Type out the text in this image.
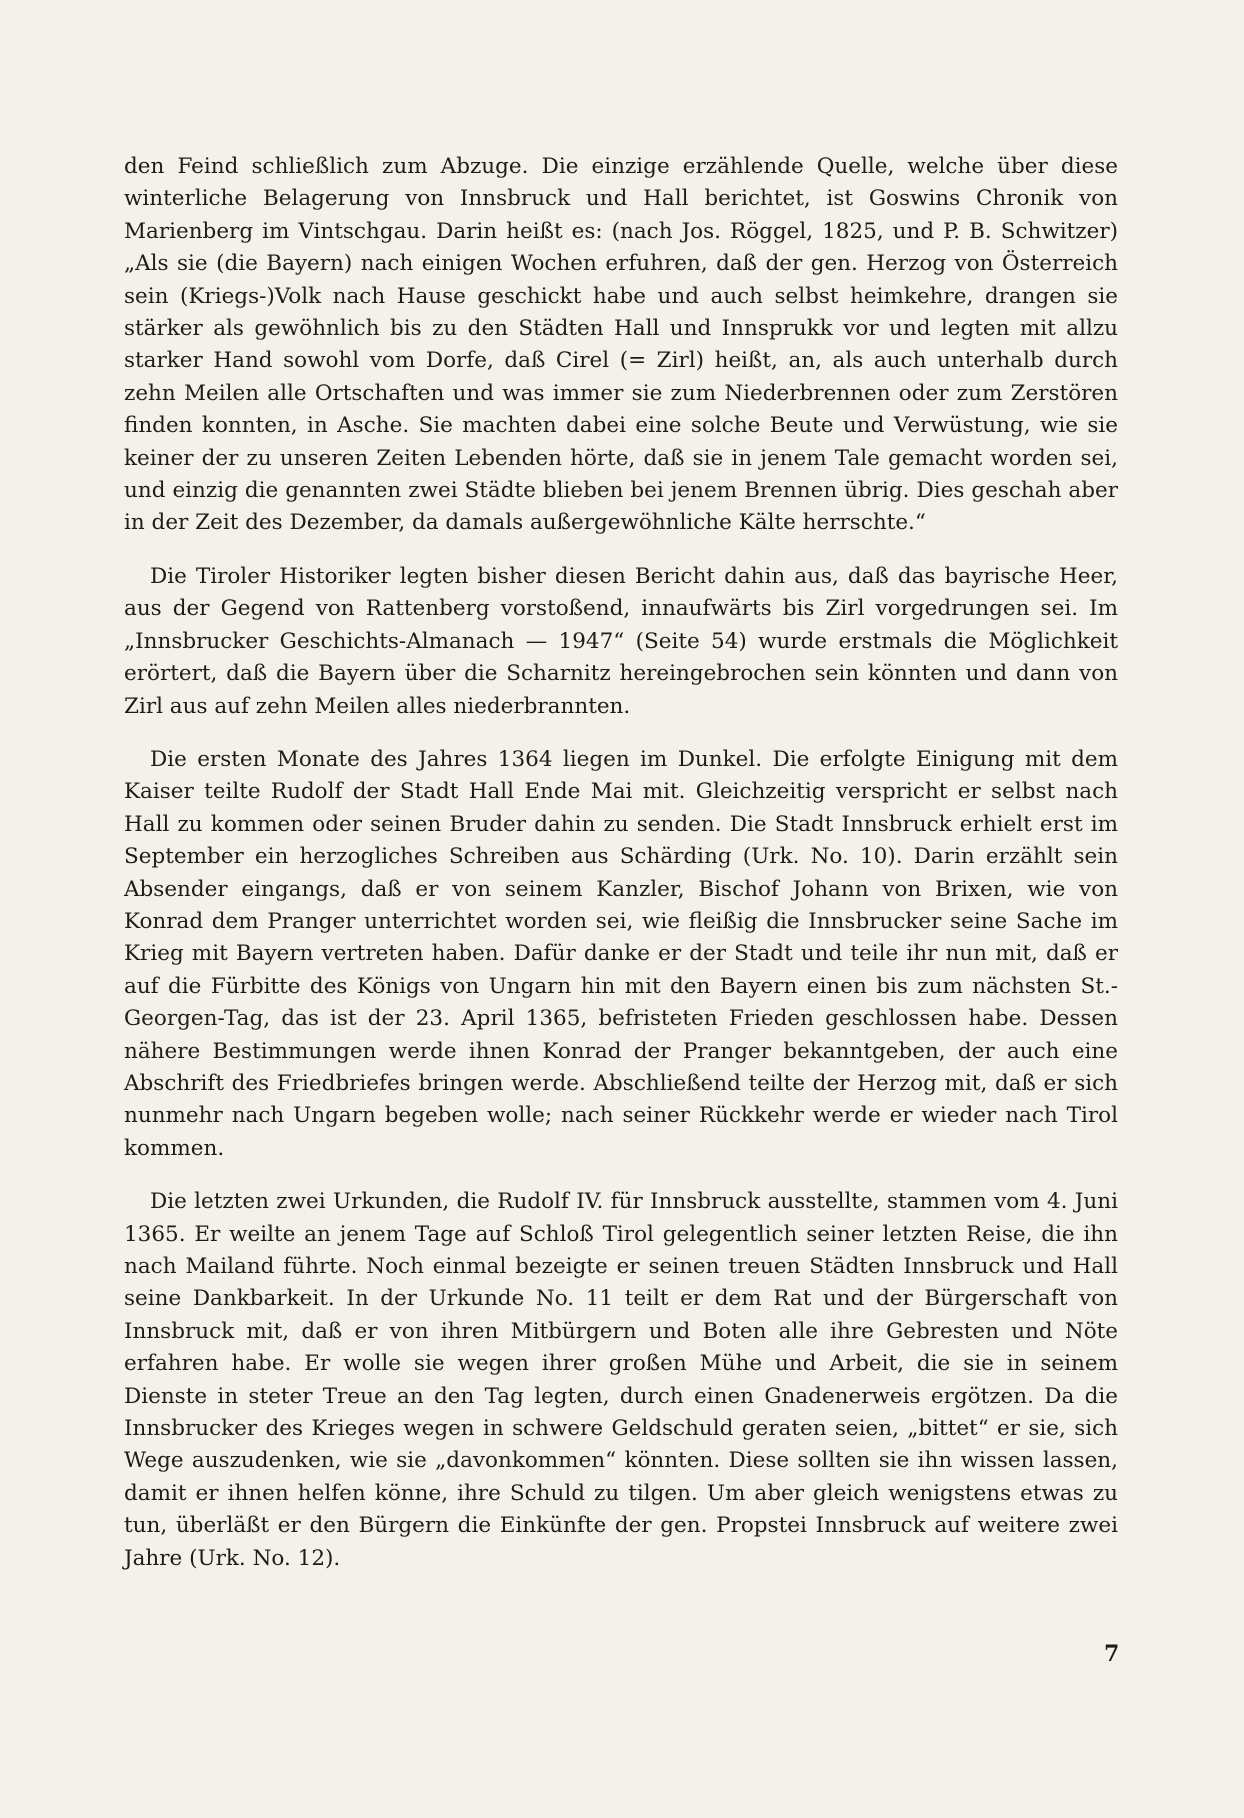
den Feind schließlich zum Abzuge. Die einzige erzählende Quelle, welche über diese winterliche Belagerung von Innsbruck und Hall berichtet, ist Goswins Chronik von Marienberg im Vintschgau. Darin heißt es: (nach Jos. Röggel, 1825, und P. B. Schwitzer) „Als sie (die Bayern) nach einigen Wochen erfuhren, daß der gen. Herzog von Österreich sein (Kriegs-)Volk nach Hause geschickt habe und auch selbst heimkehre, drangen sie stärker als gewöhnlich bis zu den Städten Hall und Innsprukk vor und legten mit allzu starker Hand sowohl vom Dorfe, daß Cirel (= Zirl) heißt, an, als auch unterhalb durch zehn Meilen alle Ortschaften und was immer sie zum Niederbrennen oder zum Zerstören finden konnten, in Asche. Sie machten dabei eine solche Beute und Verwüstung, wie sie keiner der zu unseren Zeiten Lebenden hörte, daß sie in jenem Tale gemacht worden sei, und einzig die genannten zwei Städte blieben bei jenem Brennen übrig. Dies geschah aber in der Zeit des Dezember, da damals außergewöhnliche Kälte herrschte.“

Die Tiroler Historiker legten bisher diesen Bericht dahin aus, daß das bayrische Heer, aus der Gegend von Rattenberg vorstoßend, innaufwärts bis Zirl vorgedrungen sei. Im „Innsbrucker Geschichts-Almanach — 1947“ (Seite 54) wurde erstmals die Möglichkeit erörtert, daß die Bayern über die Scharnitz hereingebrochen sein könnten und dann von Zirl aus auf zehn Meilen alles niederbrannten.

Die ersten Monate des Jahres 1364 liegen im Dunkel. Die erfolgte Einigung mit dem Kaiser teilte Rudolf der Stadt Hall Ende Mai mit. Gleichzeitig verspricht er selbst nach Hall zu kommen oder seinen Bruder dahin zu senden. Die Stadt Innsbruck erhielt erst im September ein herzogliches Schreiben aus Schärding (Urk. No. 10). Darin erzählt sein Absender eingangs, daß er von seinem Kanzler, Bischof Johann von Brixen, wie von Konrad dem Pranger unterrichtet worden sei, wie fleißig die Innsbrucker seine Sache im Krieg mit Bayern vertreten haben. Dafür danke er der Stadt und teile ihr nun mit, daß er auf die Fürbitte des Königs von Ungarn hin mit den Bayern einen bis zum nächsten St.-Georgen-Tag, das ist der 23. April 1365, befristeten Frieden geschlossen habe. Dessen nähere Bestimmungen werde ihnen Konrad der Pranger bekanntgeben, der auch eine Abschrift des Friedbriefes bringen werde. Abschließend teilte der Herzog mit, daß er sich nunmehr nach Ungarn begeben wolle; nach seiner Rückkehr werde er wieder nach Tirol kommen.

Die letzten zwei Urkunden, die Rudolf IV. für Innsbruck ausstellte, stammen vom 4. Juni 1365. Er weilte an jenem Tage auf Schloß Tirol gelegentlich seiner letzten Reise, die ihn nach Mailand führte. Noch einmal bezeigte er seinen treuen Städten Innsbruck und Hall seine Dankbarkeit. In der Urkunde No. 11 teilt er dem Rat und der Bürgerschaft von Innsbruck mit, daß er von ihren Mitbürgern und Boten alle ihre Gebresten und Nöte erfahren habe. Er wolle sie wegen ihrer großen Mühe und Arbeit, die sie in seinem Dienste in steter Treue an den Tag legten, durch einen Gnadenerweis ergötzen. Da die Innsbrucker des Krieges wegen in schwere Geldschuld geraten seien, „bittet“ er sie, sich Wege auszudenken, wie sie „davonkommen“ könnten. Diese sollten sie ihn wissen lassen, damit er ihnen helfen könne, ihre Schuld zu tilgen. Um aber gleich wenigstens etwas zu tun, überläßt er den Bürgern die Einkünfte der gen. Propstei Innsbruck auf weitere zwei Jahre (Urk. No. 12).

7
